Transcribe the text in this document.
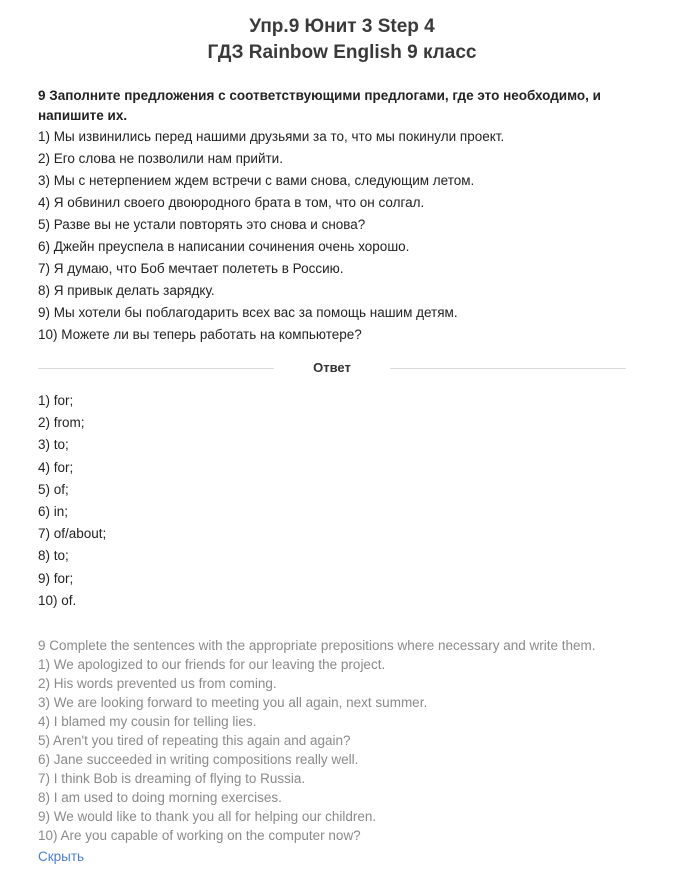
Упр.9 Юнит 3 Step 4
ГДЗ Rainbow English 9 класс

9 Заполните предложения с соответствующими предлогами, где это необходимо, и напишите их.

1) Мы извинились перед нашими друзьями за то, что мы покинули проект.
2) Его слова не позволили нам прийти.
3) Мы с нетерпением ждем встречи с вами снова, следующим летом.
4) Я обвинил своего двоюродного брата в том, что он солгал.
5) Разве вы не устали повторять это снова и снова?
6) Джейн преуспела в написании сочинения очень хорошо.
7) Я думаю, что Боб мечтает полететь в Россию.
8) Я привык делать зарядку.
9) Мы хотели бы поблагодарить всех вас за помощь нашим детям.
10) Можете ли вы теперь работать на компьютере?
Ответ
1) for;
2) from;
3) to;
4) for;
5) of;
6) in;
7) of/about;
8) to;
9) for;
10) of.

9 Complete the sentences with the appropriate prepositions where necessary and write them.

1) We apologized to our friends for our leaving the project.
2) His words prevented us from coming.
3) We are looking forward to meeting you all again, next summer.
4) I blamed my cousin for telling lies.
5) Aren't you tired of repeating this again and again?
6) Jane succeeded in writing compositions really well.
7) I think Bob is dreaming of flying to Russia.
8) I am used to doing morning exercises.
9) We would like to thank you all for helping our children.
10) Are you capable of working on the computer now?
Скрыть
